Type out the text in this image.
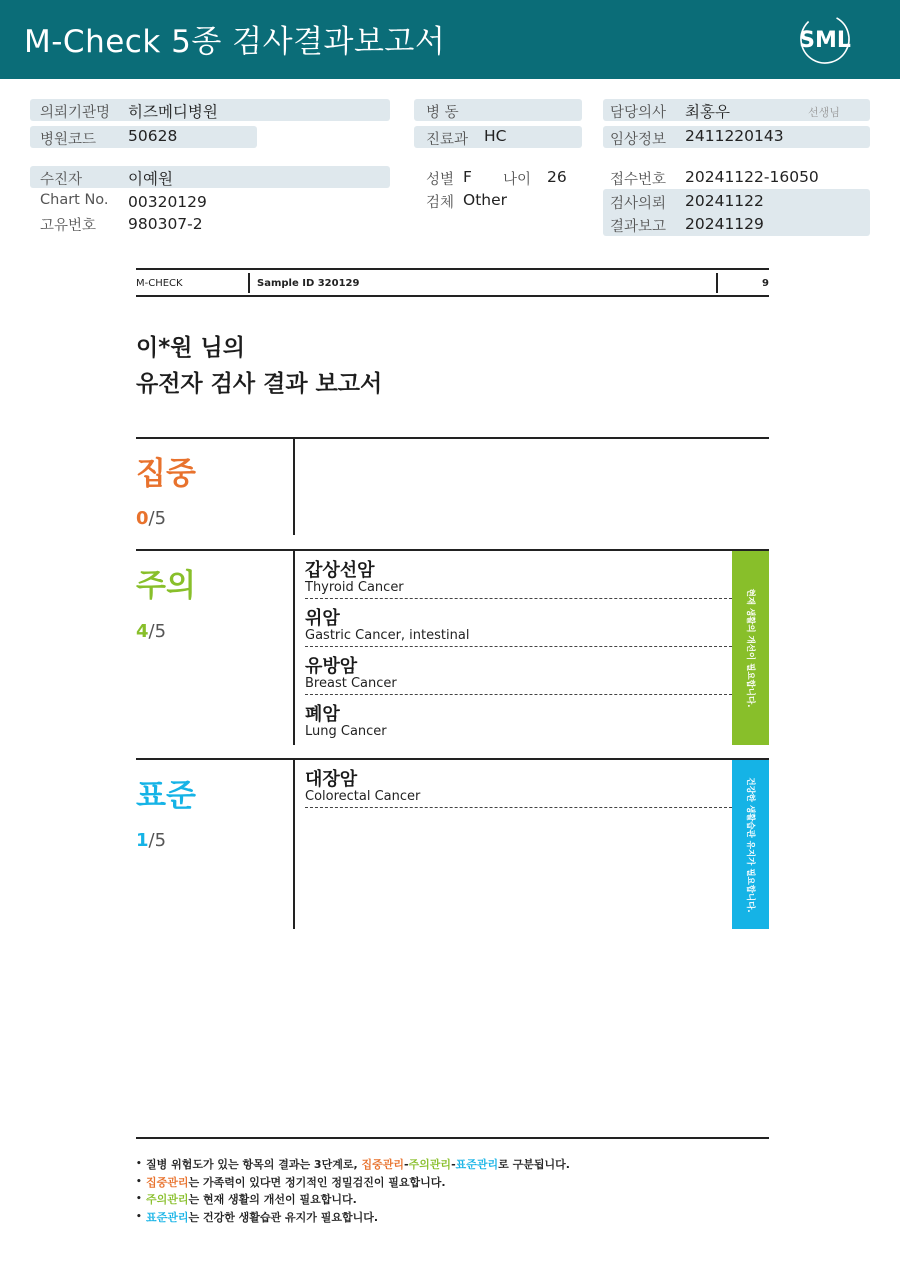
M-Check 5종 검사결과보고서	SML
의뢰기관명 히즈메디병원
병원코드 50628
병 동
진료과 HC
담당의사 최홍우	선생님
임상정보 2411220143
수진자	이예원
Chart No. 00320129
고유번호 980307-2
성별 F 나이 26
검체 Other
접수번호 20241122-16050
검사의뢰 20241122
결과보고 20241129
M-CHECK	Sample ID 320129	9
이*원 님의
유전자 검사 결과 보고서
집중
0/5
주의
4/5
갑상선암
Thyroid Cancer
위암
Gastric Cancer, intestinal
유방암
Breast Cancer
폐암
Lung Cancer
현재 생활의 개선이 필요합니다.
표준
1/5
대장암
Colorectal Cancer	건강한 생활습관 유지가 필요합니다.
• 질병 위험도가 있는 항목의 결과는 3단계로, 집중관리-주의관리-표준관리로 구분됩니다.
• 집중관리는 가족력이 있다면 정기적인 정밀검진이 필요합니다.
• 주의관리는 현재 생활의 개선이 필요합니다.
• 표준관리는 건강한 생활습관 유지가 필요합니다.
